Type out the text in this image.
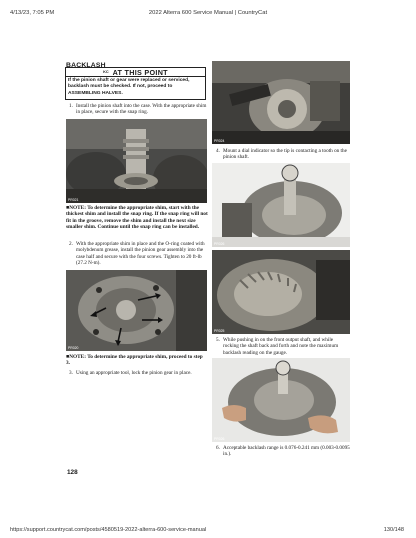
4/13/23, 7:05 PM	2022 Alterra 600 Service Manual | CountryCat
BACKLASH
KC AT THIS POINT
If the pinion shaft or gear were replaced or serviced, backlash must be checked. If not, proceed to ASSEMBLING HALVES.
1. Install the pinion shaft into the case. With the appropriate shim in place, secure with the snap ring.
PR021
■NOTE: To determine the appropriate shim, start with the thickest shim and install the snap ring. If the snap ring will not fit in the groove, remove the shim and install the next size smaller shim. Continue until the snap ring can be installed.
2. With the appropriate shim in place and the O-ring coated with molybdenum grease, install the pinion gear assembly into the case half and secure with the four screws. Tighten to 20 ft-lb (27.2 N-m).
PR020
■NOTE: To determine the appropriate shim, proceed to step 3.
3. Using an appropriate tool, lock the pinion gear in place.
PR024
4. Mount a dial indicator so the tip is contacting a tooth on the pinion shaft.
PR026
PR025
5. While pushing in on the front output shaft, and while rocking the shaft back and forth and note the maximum backlash reading on the gauge.
PR026
6. Acceptable backlash range is 0.076-0.241 mm (0.003-0.0095 in.).
128
https://support.countrycat.com/posts/4580519-2022-alterra-600-service-manual	130/148
